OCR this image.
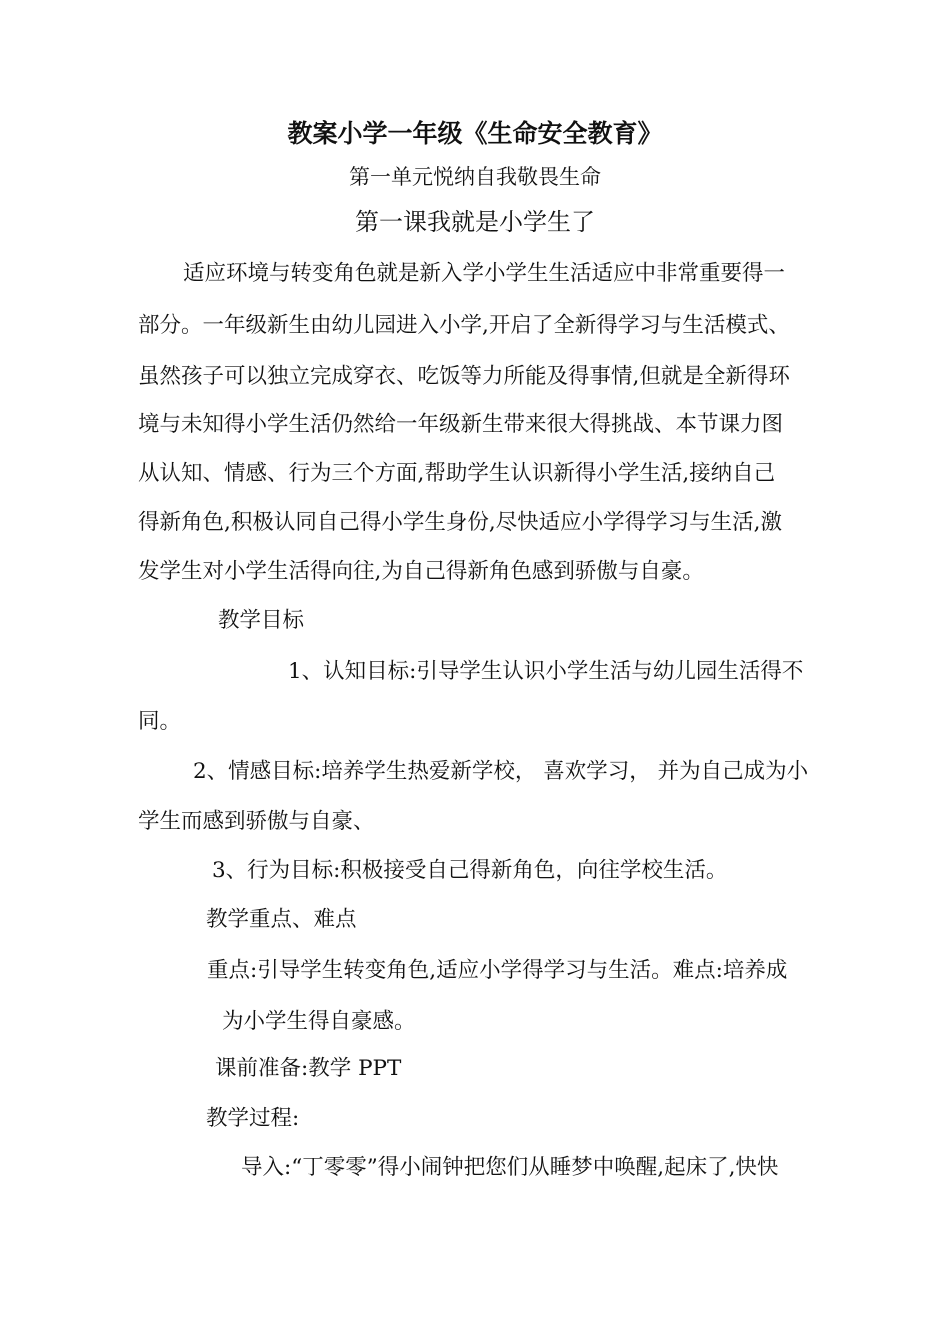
教案小学一年级《生命安全教育》
第一单元悦纳自我敬畏生命
第一课我就是小学生了
适应环境与转变角色就是新入学小学生生活适应中非常重要得一
部分。一年级新生由幼儿园进入小学,开启了全新得学习与生活模式、
虽然孩子可以独立完成穿衣、吃饭等力所能及得事情,但就是全新得环
境与未知得小学生活仍然给一年级新生带来很大得挑战、本节课力图
从认知、情感、行为三个方面,帮助学生认识新得小学生活,接纳自己
得新角色,积极认同自己得小学生身份,尽快适应小学得学习与生活,激
发学生对小学生活得向往,为自己得新角色感到骄傲与自豪。
教学目标
1、认知目标:引导学生认识小学生活与幼儿园生活得不
同。
2、情感目标:培养学生热爱新学校， 喜欢学习， 并为自己成为小
学生而感到骄傲与自豪、
3、行为目标:积极接受自己得新角色，向往学校生活。
教学重点、难点
重点:引导学生转变角色,适应小学得学习与生活。难点:培养成
为小学生得自豪感。
课前准备:教学 PPT
教学过程:
导入:“丁零零”得小闹钟把您们从睡梦中唤醒,起床了,快快
